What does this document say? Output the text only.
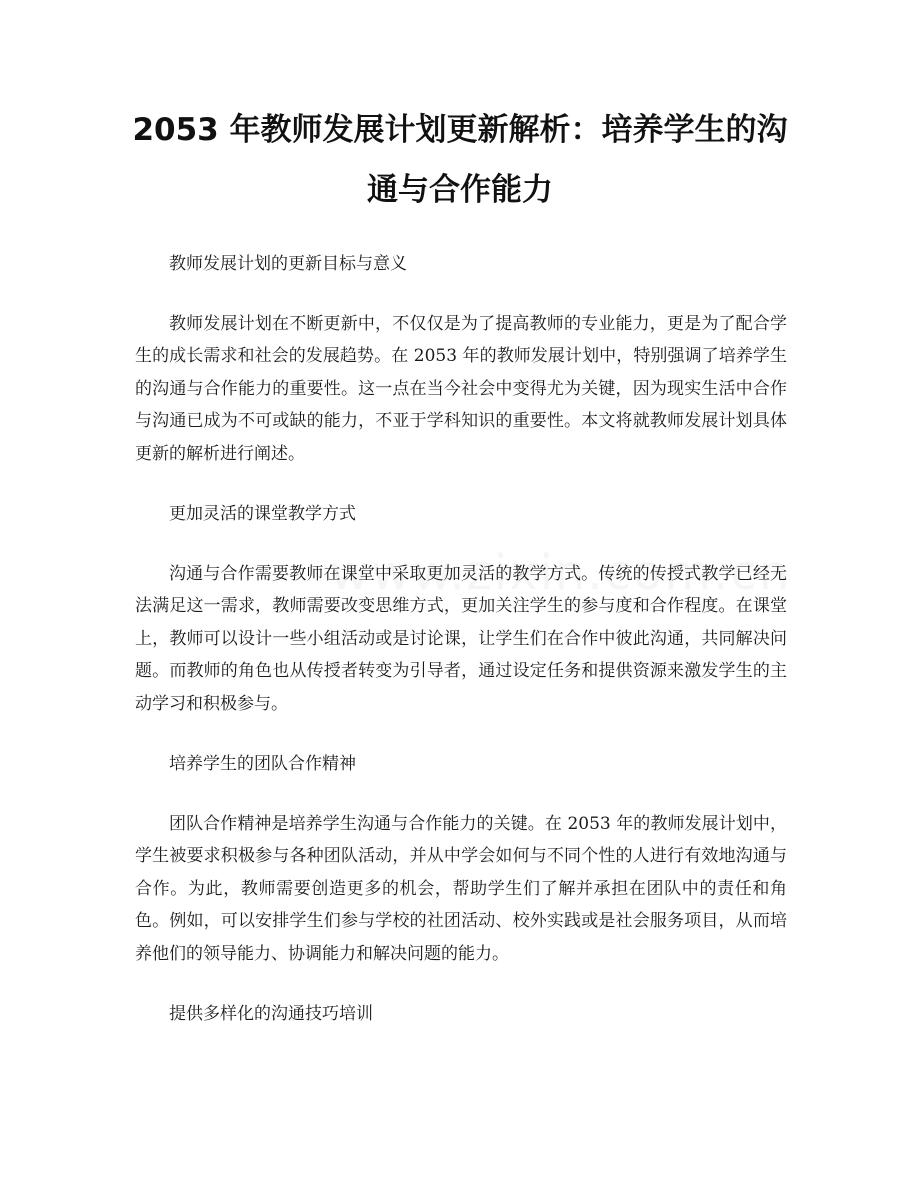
2053 年教师发展计划更新解析：培养学生的沟通与合作能力

教师发展计划的更新目标与意义

教师发展计划在不断更新中，不仅仅是为了提高教师的专业能力，更是为了配合学生的成长需求和社会的发展趋势。在 2053 年的教师发展计划中，特别强调了培养学生的沟通与合作能力的重要性。这一点在当今社会中变得尤为关键，因为现实生活中合作与沟通已成为不可或缺的能力，不亚于学科知识的重要性。本文将就教师发展计划具体更新的解析进行阐述。

更加灵活的课堂教学方式

沟通与合作需要教师在课堂中采取更加灵活的教学方式。传统的传授式教学已经无法满足这一需求，教师需要改变思维方式，更加关注学生的参与度和合作程度。在课堂上，教师可以设计一些小组活动或是讨论课，让学生们在合作中彼此沟通，共同解决问题。而教师的角色也从传授者转变为引导者，通过设定任务和提供资源来激发学生的主动学习和积极参与。

培养学生的团队合作精神

团队合作精神是培养学生沟通与合作能力的关键。在 2053 年的教师发展计划中，学生被要求积极参与各种团队活动，并从中学会如何与不同个性的人进行有效地沟通与合作。为此，教师需要创造更多的机会，帮助学生们了解并承担在团队中的责任和角色。例如，可以安排学生们参与学校的社团活动、校外实践或是社会服务项目，从而培养他们的领导能力、协调能力和解决问题的能力。

提供多样化的沟通技巧培训
